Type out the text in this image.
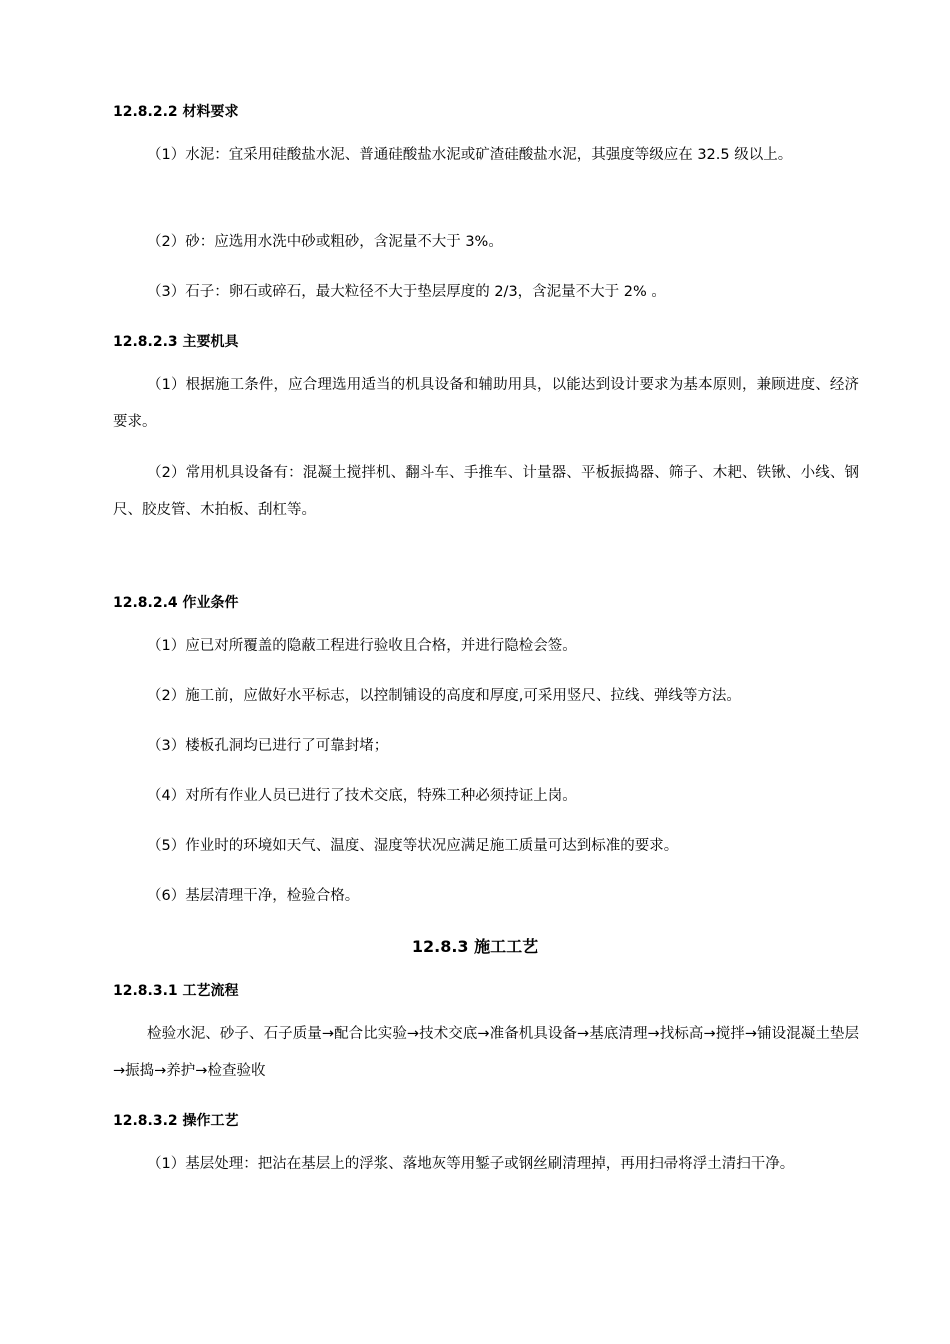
12.8.2.2 材料要求

（1）水泥：宜采用硅酸盐水泥、普通硅酸盐水泥或矿渣硅酸盐水泥，其强度等级应在 32.5 级以上。

（2）砂：应选用水洗中砂或粗砂，含泥量不大于 3%。

（3）石子：卵石或碎石，最大粒径不大于垫层厚度的 2/3，含泥量不大于 2% 。

12.8.2.3 主要机具

（1）根据施工条件，应合理选用适当的机具设备和辅助用具，以能达到设计要求为基本原则，兼顾进度、经济要求。

（2）常用机具设备有：混凝土搅拌机、翻斗车、手推车、计量器、平板振捣器、筛子、木耙、铁锹、小线、钢尺、胶皮管、木拍板、刮杠等。

12.8.2.4 作业条件

（1）应已对所覆盖的隐蔽工程进行验收且合格，并进行隐检会签。

（2）施工前，应做好水平标志，以控制铺设的高度和厚度,可采用竖尺、拉线、弹线等方法。

（3）楼板孔洞均已进行了可靠封堵；

（4）对所有作业人员已进行了技术交底，特殊工种必须持证上岗。

（5）作业时的环境如天气、温度、湿度等状况应满足施工质量可达到标准的要求。

（6）基层清理干净，检验合格。

12.8.3 施工工艺
12.8.3.1 工艺流程

检验水泥、砂子、石子质量→配合比实验→技术交底→准备机具设备→基底清理→找标高→搅拌→铺设混凝土垫层→振捣→养护→检查验收

12.8.3.2 操作工艺

（1）基层处理：把沾在基层上的浮浆、落地灰等用錾子或钢丝刷清理掉，再用扫帚将浮土清扫干净。
